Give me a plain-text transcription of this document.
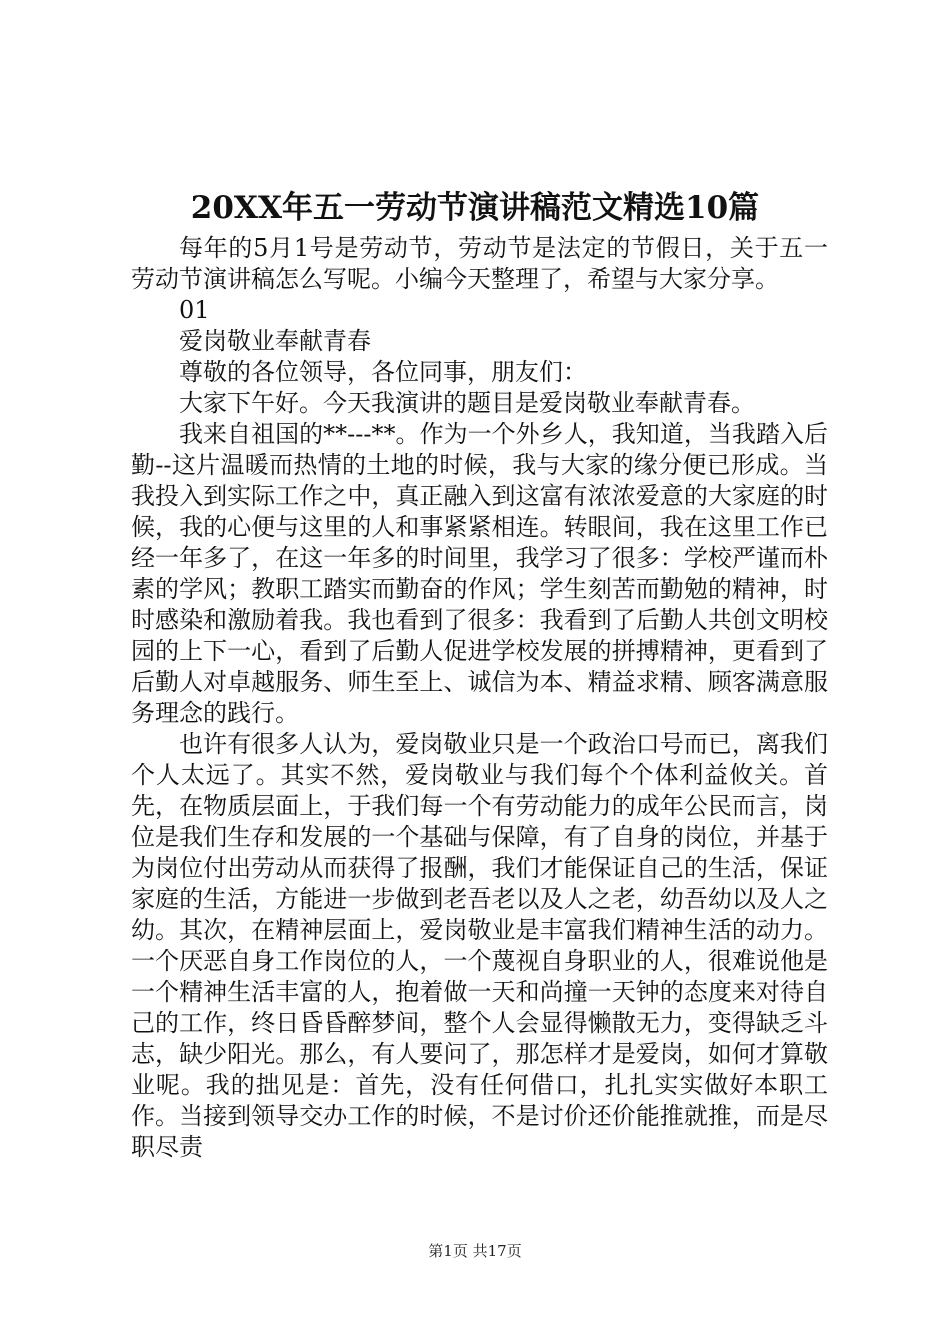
20XX年五一劳动节演讲稿范文精选10篇

每年的5月1号是劳动节，劳动节是法定的节假日，关于五一劳动节演讲稿怎么写呢。小编今天整理了，希望与大家分享。

01

爱岗敬业奉献青春

尊敬的各位领导，各位同事，朋友们：

大家下午好。今天我演讲的题目是爱岗敬业奉献青春。

我来自祖国的**---**。作为一个外乡人，我知道，当我踏入后勤--这片温暖而热情的土地的时候，我与大家的缘分便已形成。当我投入到实际工作之中，真正融入到这富有浓浓爱意的大家庭的时候，我的心便与这里的人和事紧紧相连。转眼间，我在这里工作已经一年多了，在这一年多的时间里，我学习了很多：学校严谨而朴素的学风；教职工踏实而勤奋的作风；学生刻苦而勤勉的精神，时时感染和激励着我。我也看到了很多：我看到了后勤人共创文明校园的上下一心，看到了后勤人促进学校发展的拼搏精神，更看到了后勤人对卓越服务、师生至上、诚信为本、精益求精、顾客满意服务理念的践行。

也许有很多人认为，爱岗敬业只是一个政治口号而已，离我们个人太远了。其实不然，爱岗敬业与我们每个个体利益攸关。首先，在物质层面上，于我们每一个有劳动能力的成年公民而言，岗位是我们生存和发展的一个基础与保障，有了自身的岗位，并基于为岗位付出劳动从而获得了报酬，我们才能保证自己的生活，保证家庭的生活，方能进一步做到老吾老以及人之老，幼吾幼以及人之幼。其次，在精神层面上，爱岗敬业是丰富我们精神生活的动力。一个厌恶自身工作岗位的人，一个蔑视自身职业的人，很难说他是一个精神生活丰富的人，抱着做一天和尚撞一天钟的态度来对待自己的工作，终日昏昏醉梦间，整个人会显得懒散无力，变得缺乏斗志，缺少阳光。那么，有人要问了，那怎样才是爱岗，如何才算敬业呢。我的拙见是：首先，没有任何借口，扎扎实实做好本职工作。当接到领导交办工作的时候，不是讨价还价能推就推，而是尽职尽责

第1页 共17页
